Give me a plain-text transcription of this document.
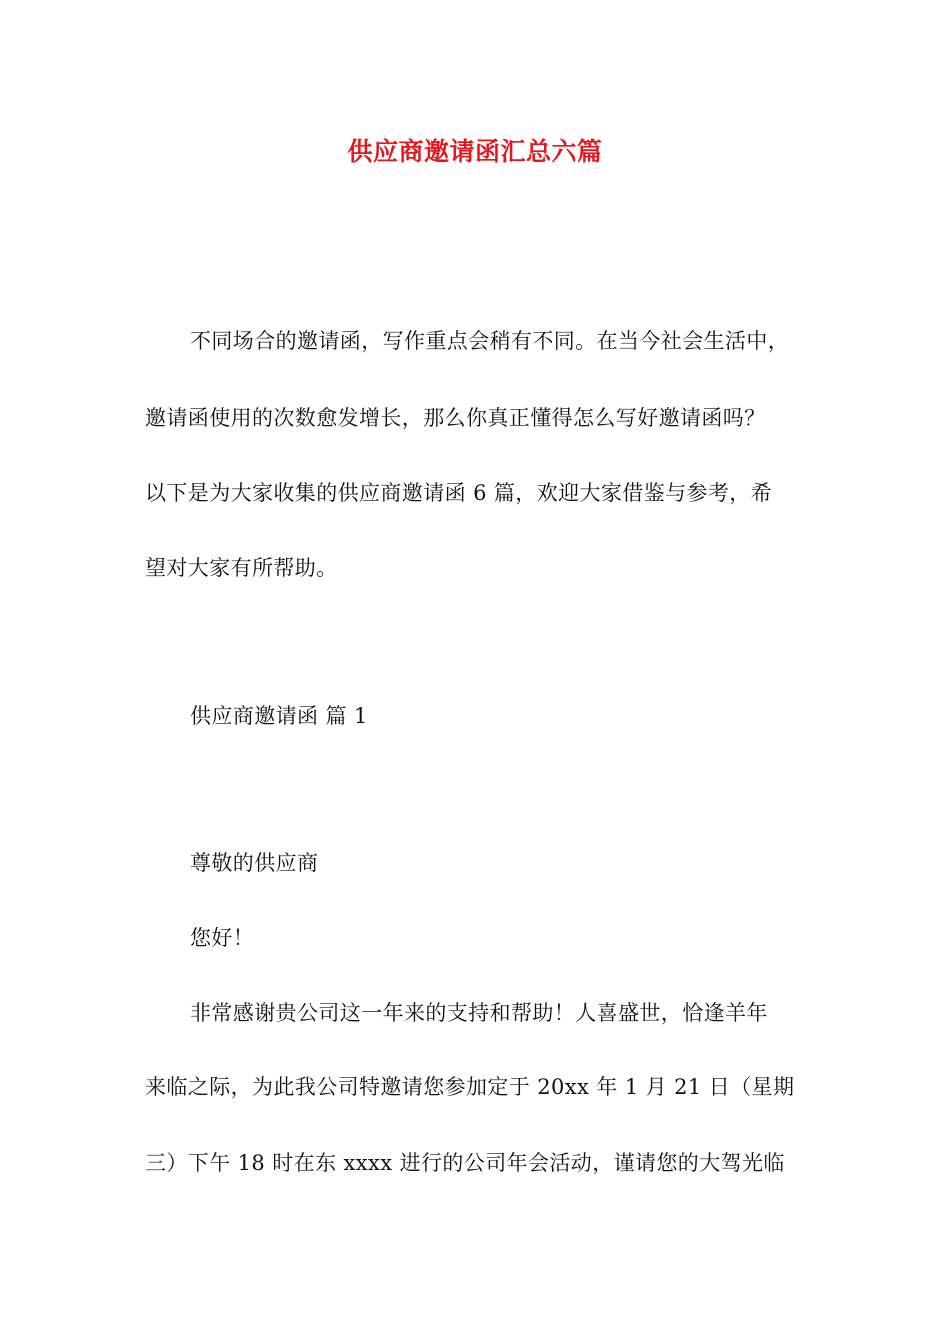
供应商邀请函汇总六篇
不同场合的邀请函，写作重点会稍有不同。在当今社会生活中，
邀请函使用的次数愈发增长，那么你真正懂得怎么写好邀请函吗？
以下是为大家收集的供应商邀请函 6 篇，欢迎大家借鉴与参考，希
望对大家有所帮助。
供应商邀请函 篇 1
尊敬的供应商
您好！
非常感谢贵公司这一年来的支持和帮助！人喜盛世，恰逢羊年
来临之际，为此我公司特邀请您参加定于 20xx 年 1 月 21 日（星期
三）下午 18 时在东 xxxx 进行的公司年会活动，谨请您的大驾光临
